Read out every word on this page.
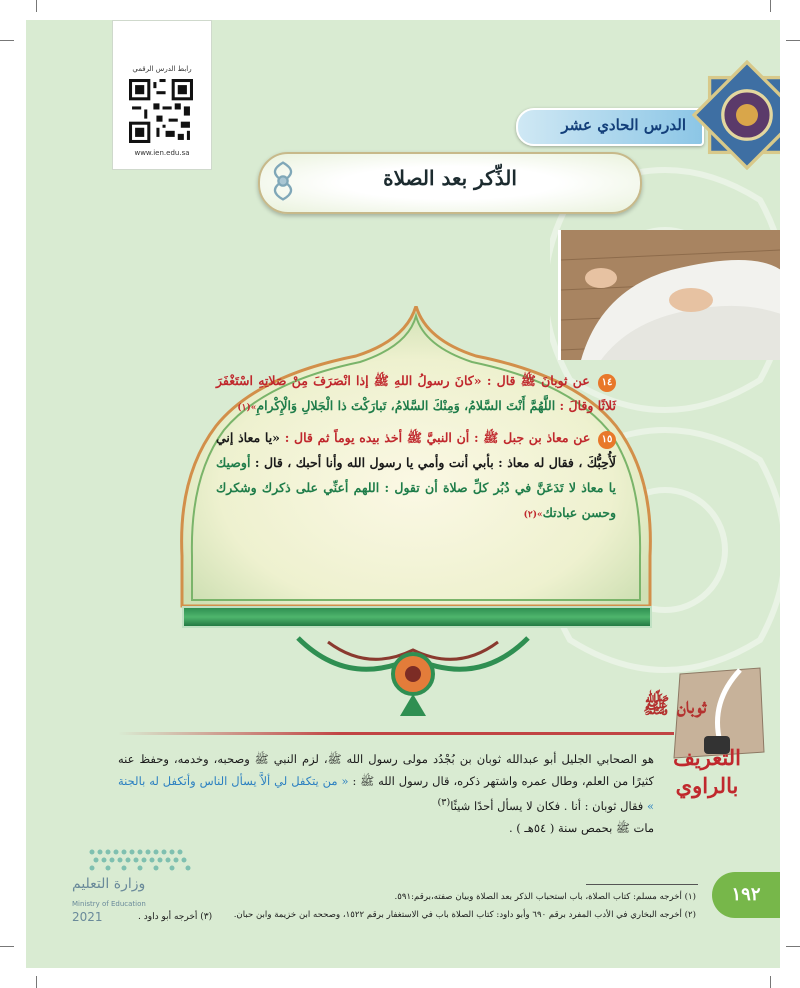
رابط الدرس الرقمي
www.ien.edu.sa
الدرس الحادي عشر
الذِّكر بعد الصلاة
١٤ عن ثوبانَ ﷺ قال : «كانَ رسولُ اللهِ ﷺ إذا انْصَرَفَ مِنْ صَلاتِهِ اسْتَغْفَرَ ثَلاثًا وقالَ : اللَّهُمَّ أَنْتَ السَّلامُ، وَمِنْكَ السَّلامُ، تَبارَكْتَ ذا الْجَلالِ وَالْإِكْرامِ»(١)
١٥ عن معاذ بن جبل ﷺ : أن النبيَّ ﷺ أخذ بيده يوماً ثم قال : «يا معاذ إني لَأُحِبُّكَ ، فقال له معاذ : بأبي أنت وأمي يا رسول الله وأنا أحبك ، قال : أوصيك يا معاذ لا تَدَعَنَّ في دُبُر كلِّ صلاة أن تقول : اللهم أعنِّي على ذكرك وشكرك وحسن عبادتك»(٢)
ثوبان ﷺ
التعريف
بالراوي
هو الصحابي الجليل أبو عبدالله ثوبان بن بُجْدُد مولى رسول الله ﷺ، لزم النبي ﷺ وصحبه، وخدمه، وحفظ عنه كثيرًا من العلم، وطال عمره واشتهر ذكره، قال رسول الله ﷺ : « من يتكفل لي ألاَّ يسأل الناس وأتكفل له بالجنة » فقال ثوبان : أنا . فكان لا يسأل أحدًا شيئًا$^{(٣)}$
مات ﷺ بحمص سنة ( ٥٤هـ ) .
١٩٢
(١) أخرجه مسلم: كتاب الصلاة، باب استحباب الذكر بعد الصلاة وبيان صفته،برقم:٥٩١.
(٢) أخرجه البخاري في الأدب المفرد برقم ٦٩٠ وأبو داود: كتاب الصلاة باب في الاستغفار برقم ١٥٢٢، وصححه ابن خزيمة وابن حبان.
وزارة التعليم
Ministry of Education
2021	(٣) أخرجه أبو داود .
